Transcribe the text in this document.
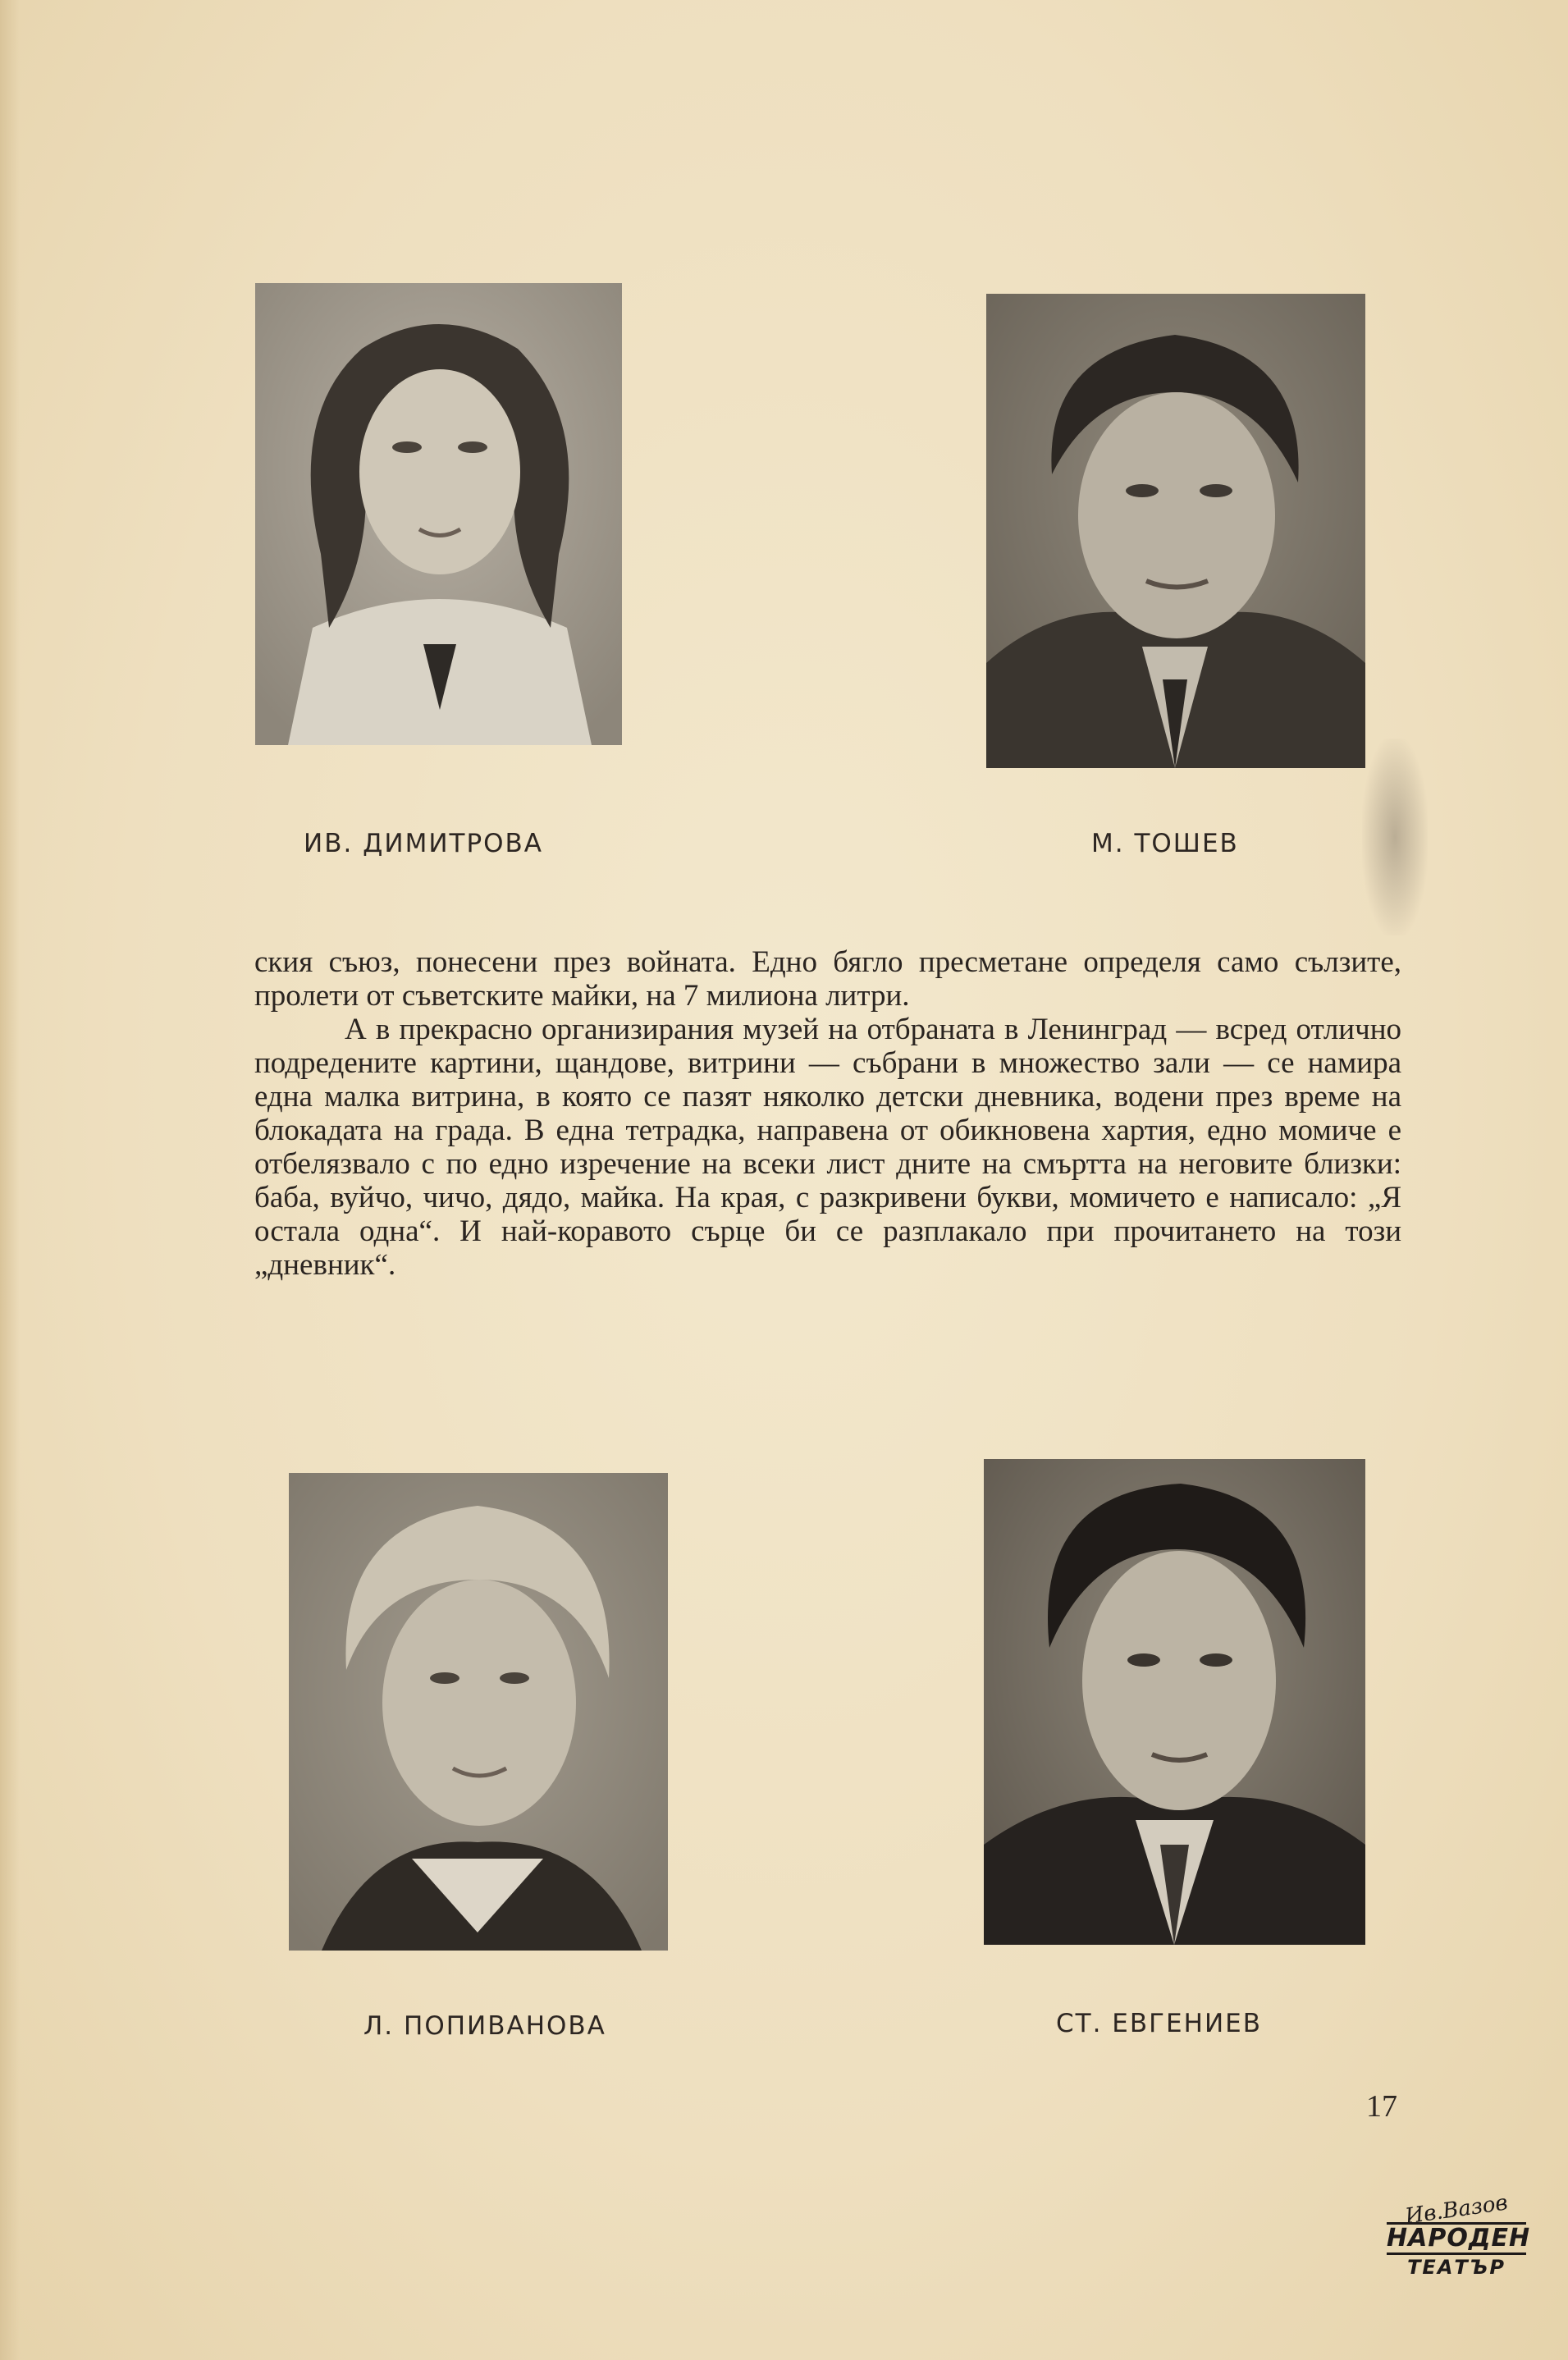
ИВ. ДИМИТРОВА	М. ТОШЕВ

ския съюз, понесени през войната. Едно бягло пресметане определя само сълзите, пролети от съветските майки, на 7 милиона литри.

А в прекрасно организирания музей на отбраната в Ленинград — всред отлично подредените картини, щандове, витрини — събрани в множество зали — се намира една малка витрина, в която се пазят няколко детски дневника, водени през време на блокадата на града. В една тетрадка, направена от обикновена хартия, едно момиче е отбелязвало с по едно изречение на всеки лист дните на смъртта на неговите близки: баба, вуйчо, чичо, дядо, майка. На края, с разкривени букви, момичето е написало: „Я остала одна“. И най-коравото сърце би се разплакало при прочитането на този „дневник“.

Л. ПОПИВАНОВА	СТ. ЕВГЕНИЕВ
17
Ив.Вазов
НАРОДЕН
ТЕАТЪР
